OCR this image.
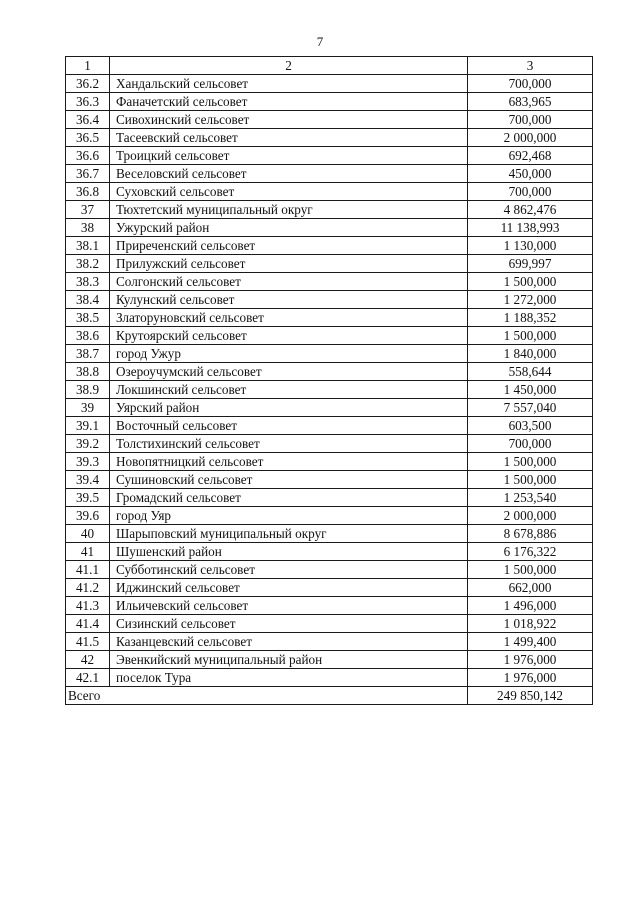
7
1	2	3
36.2	Хандальский сельсовет	700,000
36.3	Фаначетский сельсовет	683,965
36.4	Сивохинский сельсовет	700,000
36.5	Тасеевский сельсовет	2 000,000
36.6	Троицкий сельсовет	692,468
36.7	Веселовский сельсовет	450,000
36.8	Суховский сельсовет	700,000
37	Тюхтетский муниципальный округ	4 862,476
38	Ужурский район	11 138,993
38.1	Приреченский сельсовет	1 130,000
38.2	Прилужский сельсовет	699,997
38.3	Солгонский сельсовет	1 500,000
38.4	Кулунский сельсовет	1 272,000
38.5	Златоруновский сельсовет	1 188,352
38.6	Крутоярский сельсовет	1 500,000
38.7	город Ужур	1 840,000
38.8	Озероучумский сельсовет	558,644
38.9	Локшинский сельсовет	1 450,000
39	Уярский район	7 557,040
39.1	Восточный сельсовет	603,500
39.2	Толстихинский сельсовет	700,000
39.3	Новопятницкий сельсовет	1 500,000
39.4	Сушиновский сельсовет	1 500,000
39.5	Громадский сельсовет	1 253,540
39.6	город Уяр	2 000,000
40	Шарыповский муниципальный округ	8 678,886
41	Шушенский район	6 176,322
41.1	Субботинский сельсовет	1 500,000
41.2	Иджинский сельсовет	662,000
41.3	Ильичевский сельсовет	1 496,000
41.4	Сизинский сельсовет	1 018,922
41.5	Казанцевский сельсовет	1 499,400
42	Эвенкийский муниципальный район	1 976,000
42.1	поселок Тура	1 976,000
Всего		249 850,142
